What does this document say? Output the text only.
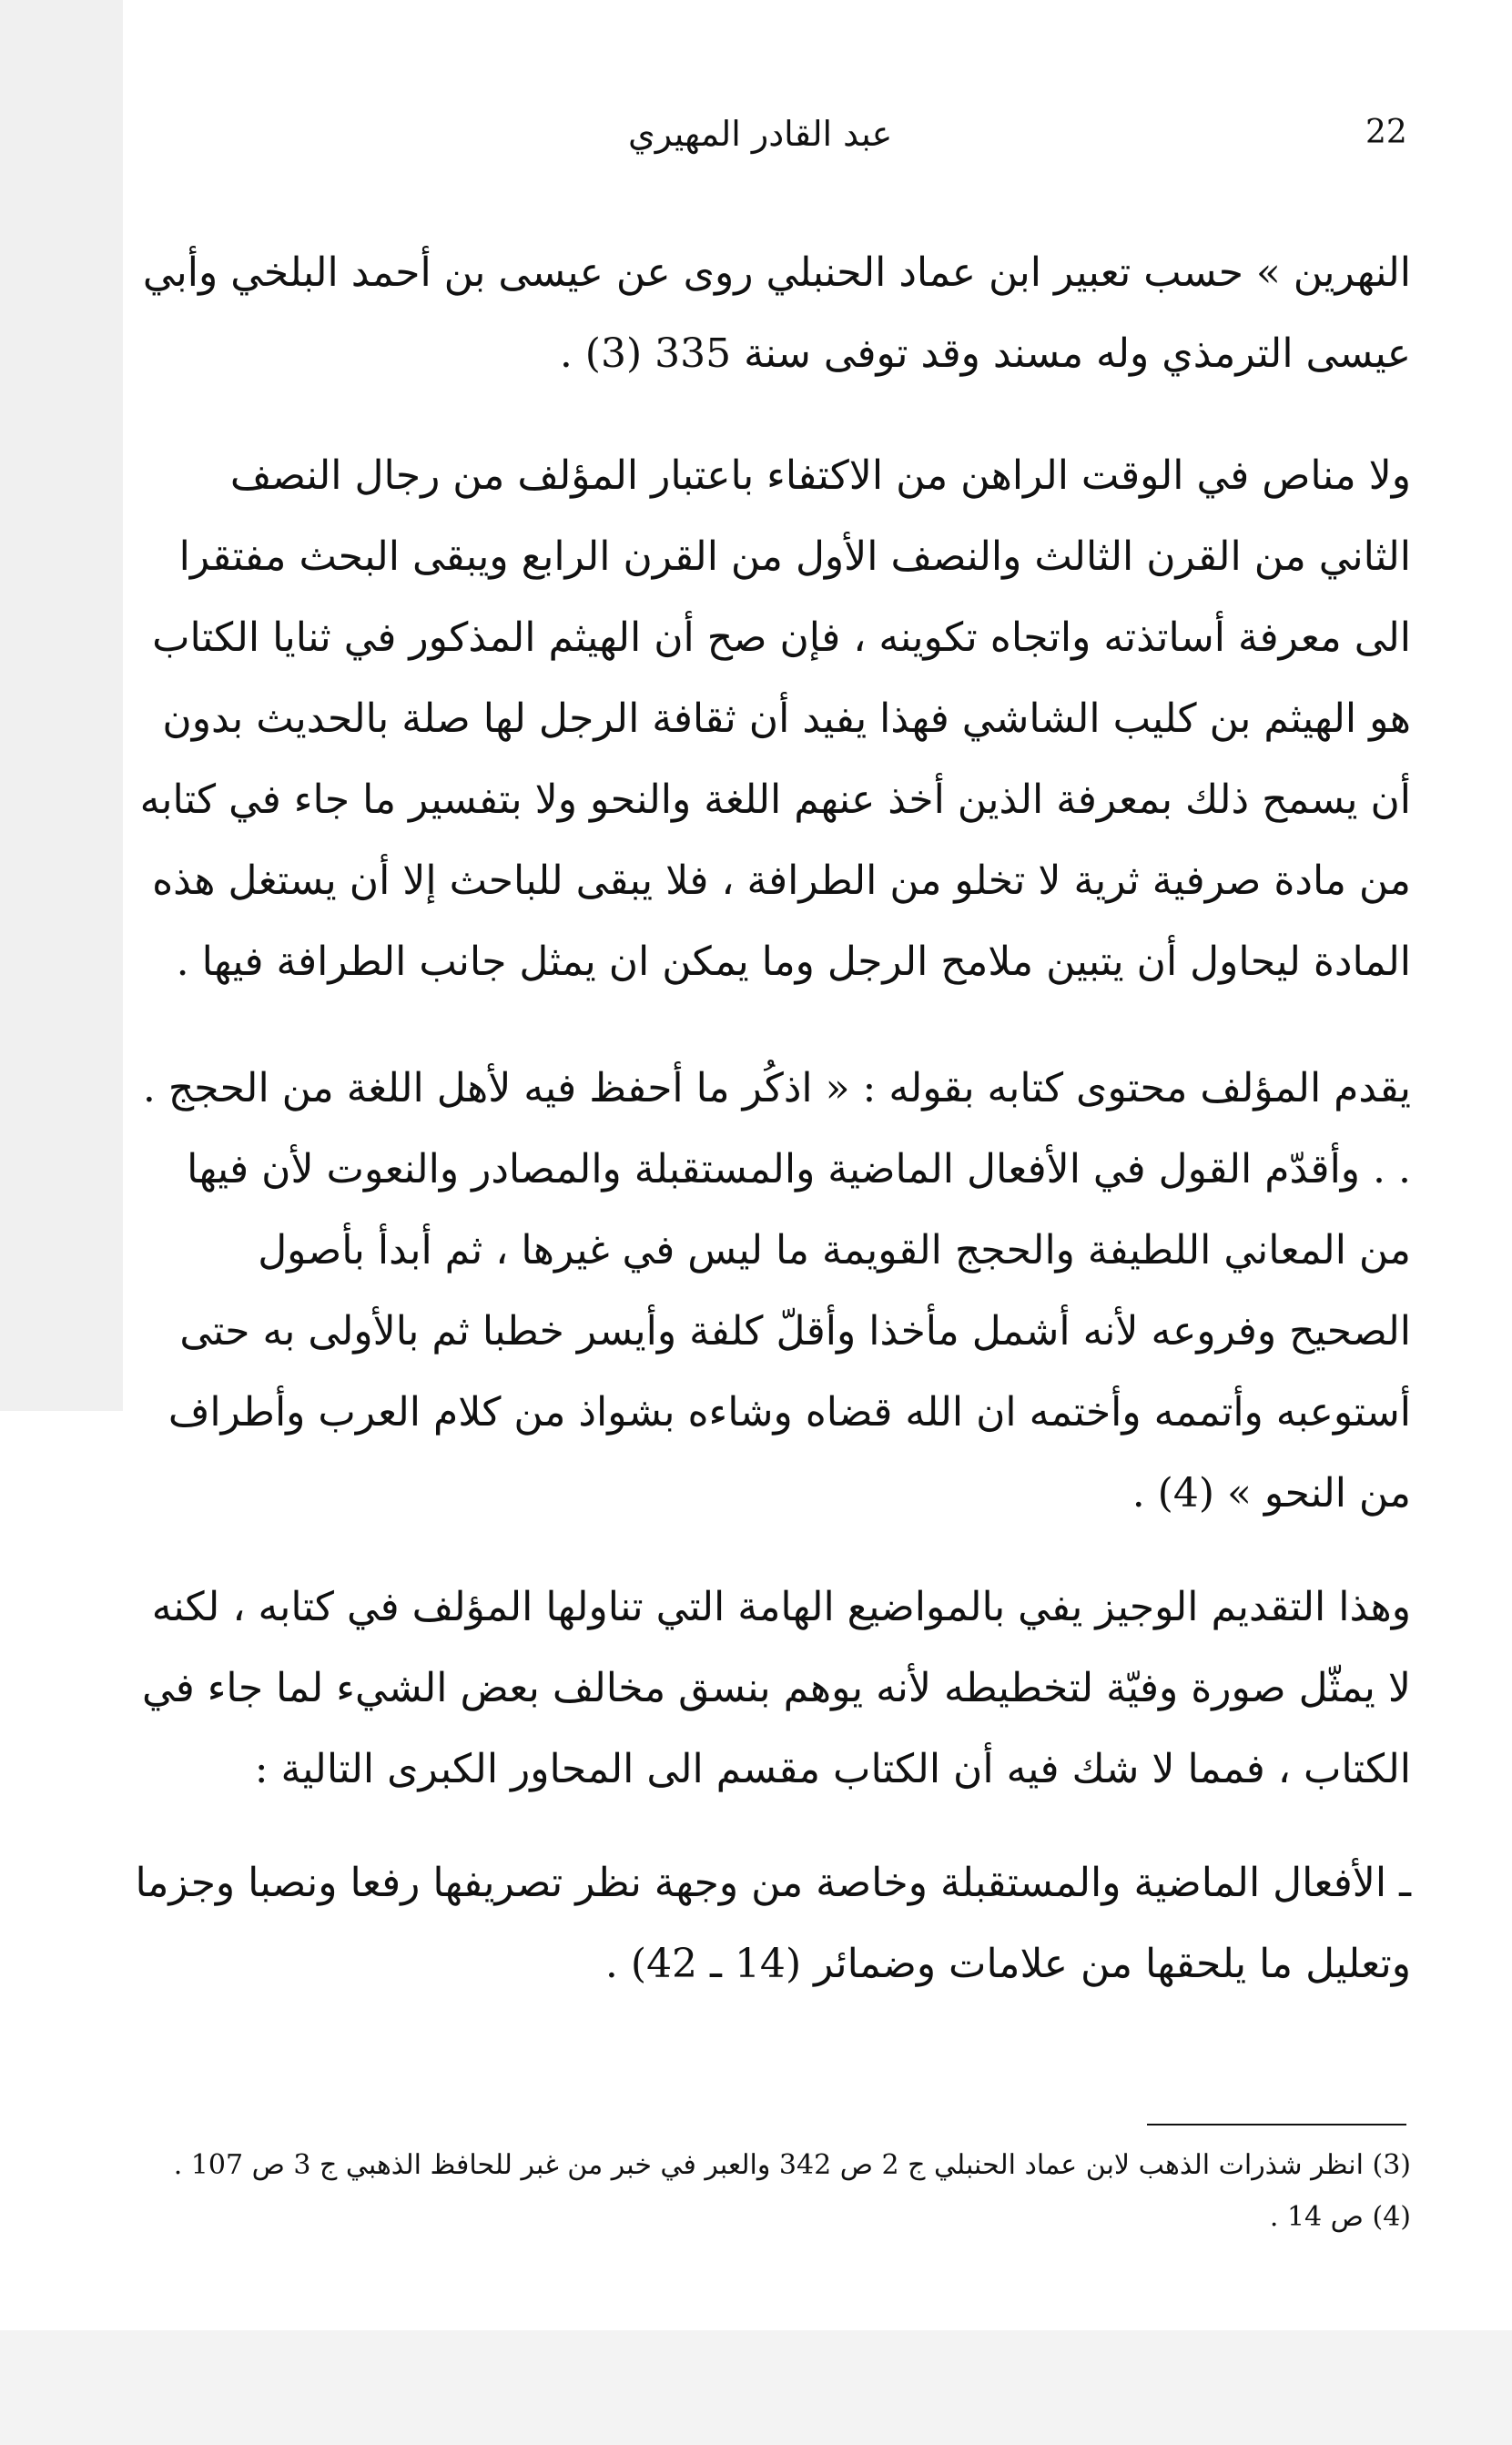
22
عبد القادر المهيري

النهرين » حسب تعبير ابن عماد الحنبلي روى عن عيسى بن أحمد البلخي وأبي عيسى الترمذي وله مسند وقد توفى سنة 335 (3) .

ولا مناص في الوقت الراهن من الاكتفاء باعتبار المؤلف من رجال النصف الثاني من القرن الثالث والنصف الأول من القرن الرابع ويبقى البحث مفتقرا الى معرفة أساتذته واتجاه تكوينه ، فإن صح أن الهيثم المذكور في ثنايا الكتاب هو الهيثم بن كليب الشاشي فهذا يفيد أن ثقافة الرجل لها صلة بالحديث بدون أن يسمح ذلك بمعرفة الذين أخذ عنهم اللغة والنحو ولا بتفسير ما جاء في كتابه من مادة صرفية ثرية لا تخلو من الطرافة ، فلا يبقى للباحث إلا أن يستغل هذه المادة ليحاول أن يتبين ملامح الرجل وما يمكن ان يمثل جانب الطرافة فيها .

يقدم المؤلف محتوى كتابه بقوله : « اذكُر ما أحفظ فيه لأهل اللغة من الحجج . . . وأقدّم القول في الأفعال الماضية والمستقبلة والمصادر والنعوت لأن فيها من المعاني اللطيفة والحجج القويمة ما ليس في غيرها ، ثم أبدأ بأصول الصحيح وفروعه لأنه أشمل مأخذا وأقلّ كلفة وأيسر خطبا ثم بالأولى به حتى أستوعبه وأتممه وأختمه ان الله قضاه وشاءه بشواذ من كلام العرب وأطراف من النحو » (4) .

وهذا التقديم الوجيز يفي بالمواضيع الهامة التي تناولها المؤلف في كتابه ، لكنه لا يمثّل صورة وفيّة لتخطيطه لأنه يوهم بنسق مخالف بعض الشيء لما جاء في الكتاب ، فمما لا شك فيه أن الكتاب مقسم الى المحاور الكبرى التالية :

ـ الأفعال الماضية والمستقبلة وخاصة من وجهة نظر تصريفها رفعا ونصبا وجزما وتعليل ما يلحقها من علامات وضمائر (14 ـ 42) .

(3) انظر شذرات الذهب لابن عماد الحنبلي ج 2 ص 342 والعبر في خبر من غبر للحافظ الذهبي ج 3 ص 107 .

(4) ص 14 .
